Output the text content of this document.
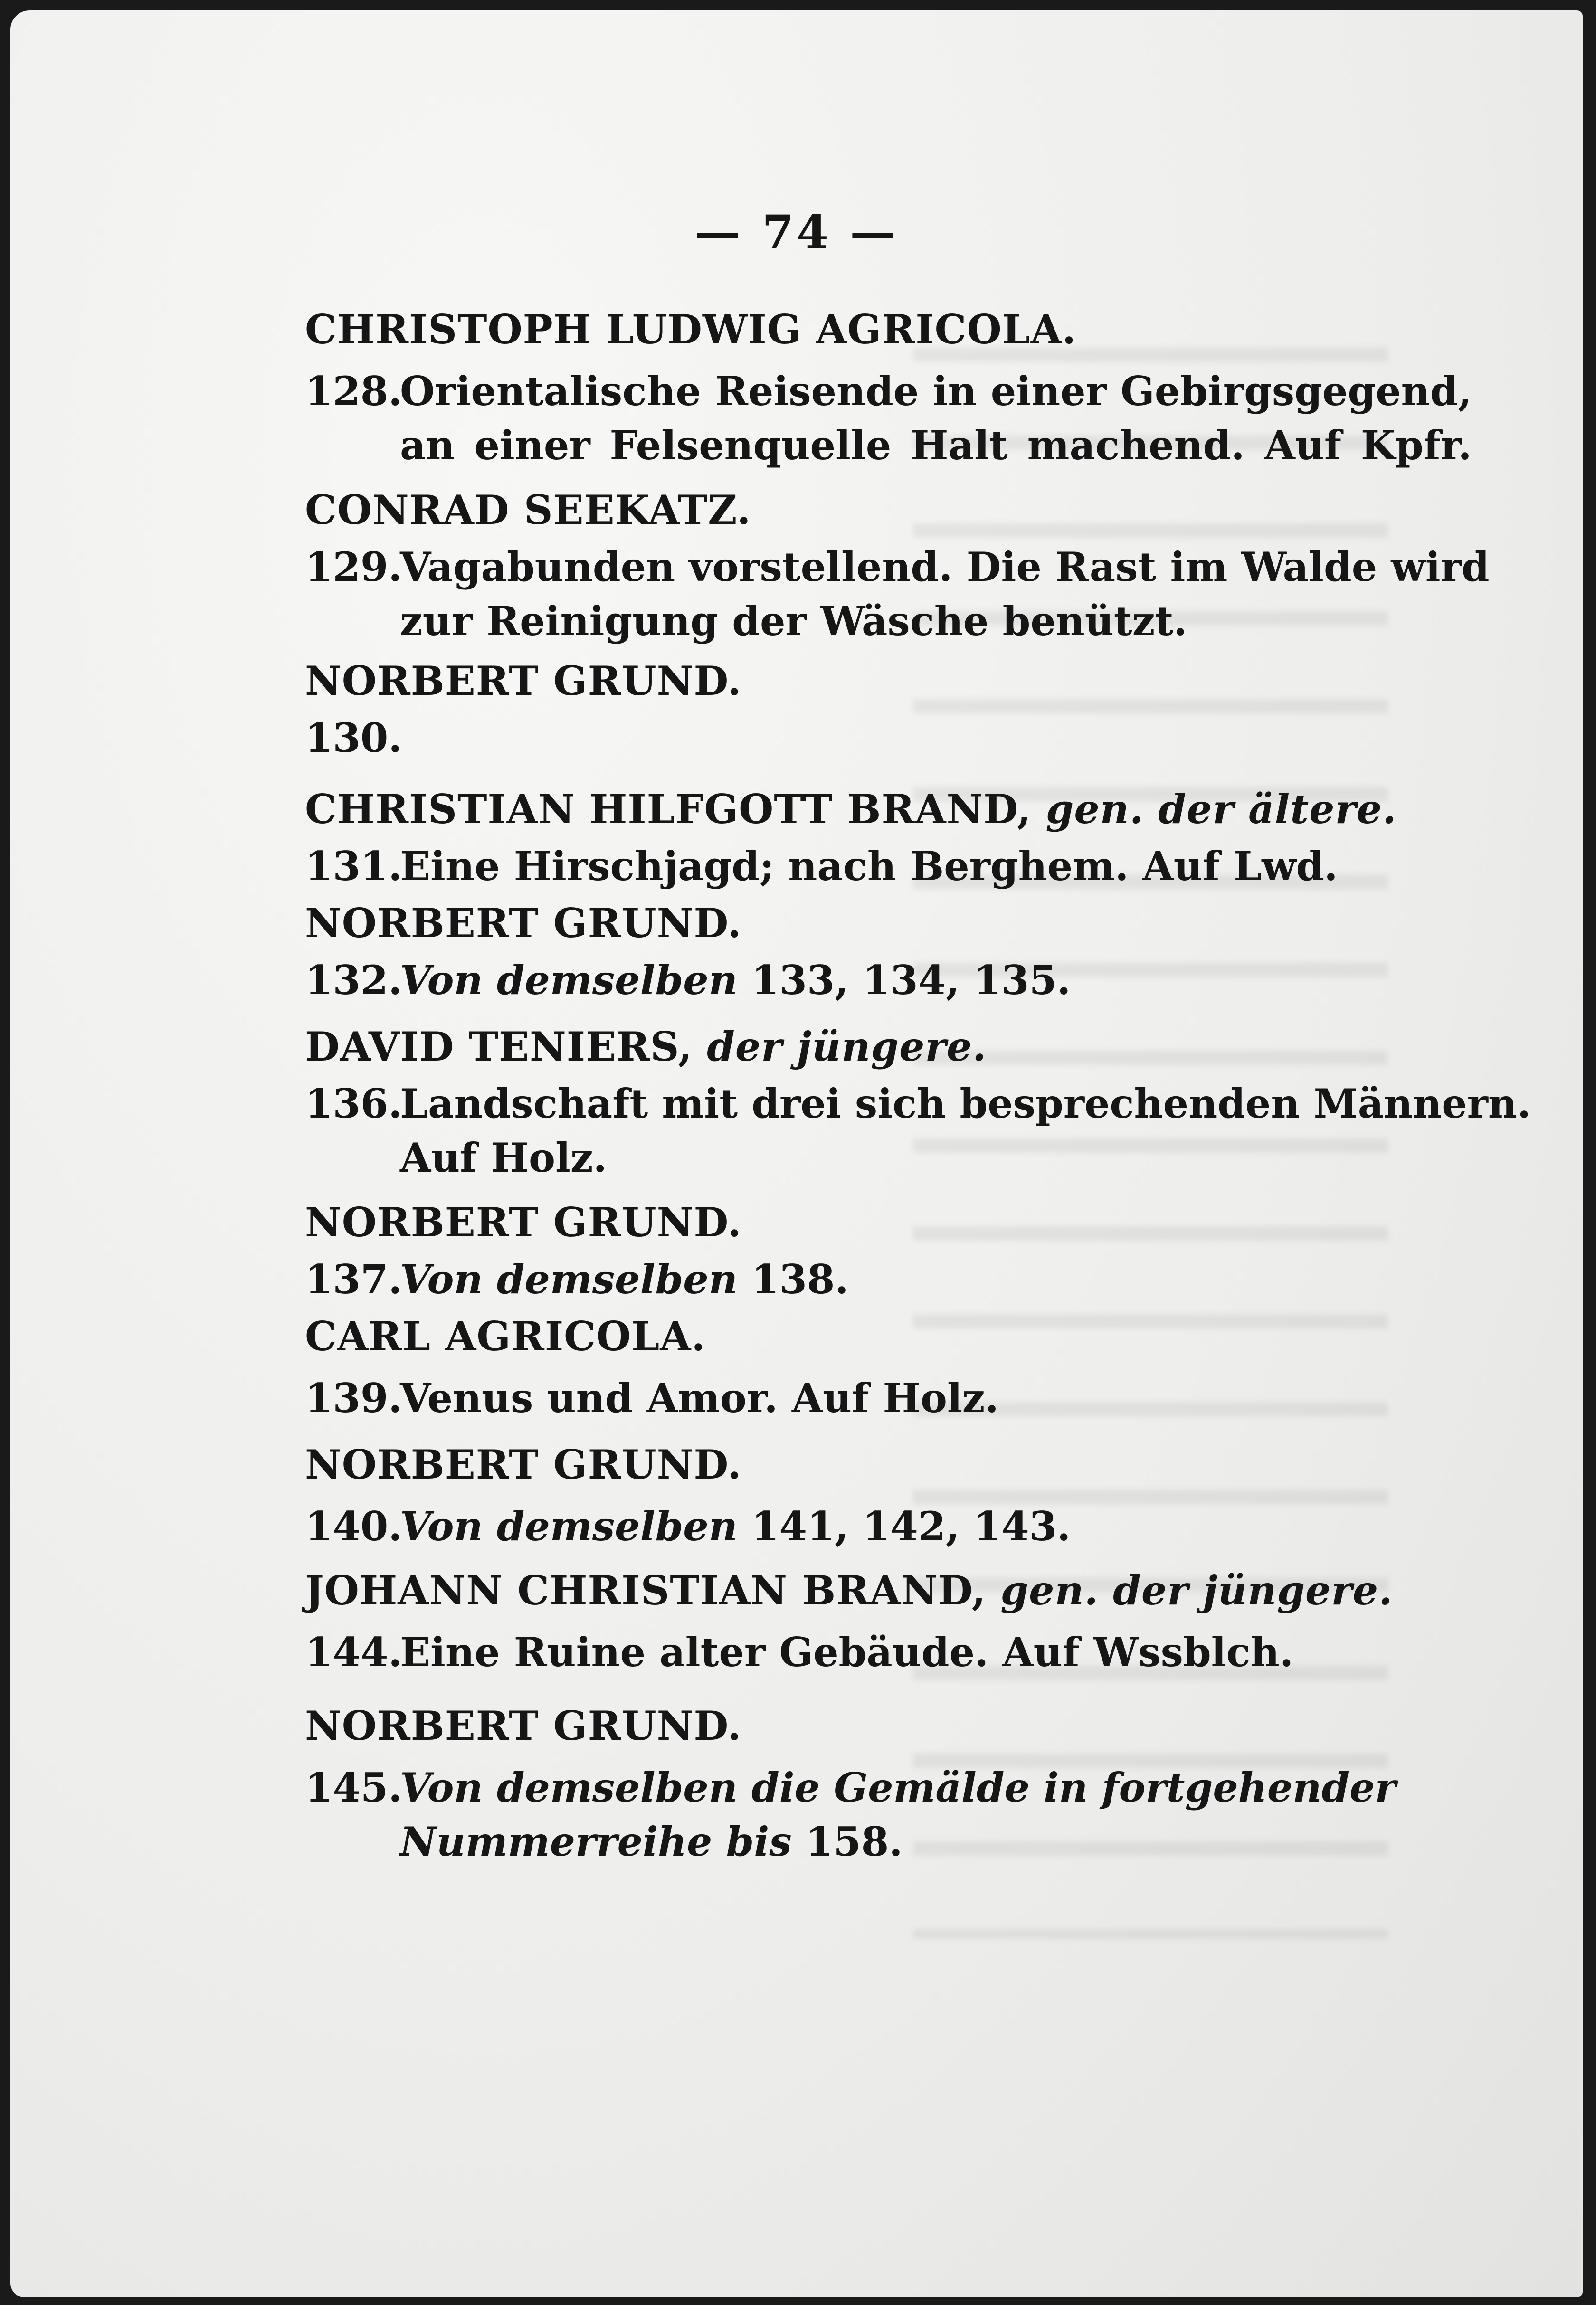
— 74 —
CHRISTOPH LUDWIG AGRICOLA.
128.
Orientalische Reisende in einer Gebirgsgegend,
an einer Felsenquelle Halt machend. Auf Kpfr.
CONRAD SEEKATZ.
129.
Vagabunden vorstellend. Die Rast im Walde wird
zur Reinigung der Wäsche benützt.
NORBERT GRUND.
130.
CHRISTIAN HILFGOTT BRAND, gen. der ältere.
131.
Eine Hirschjagd; nach Berghem. Auf Lwd.
NORBERT GRUND.
132.
Von demselben 133, 134, 135.
DAVID TENIERS, der jüngere.
136.
Landschaft mit drei sich besprechenden Männern.
Auf Holz.
NORBERT GRUND.
137.
Von demselben 138.
CARL AGRICOLA.
139.
Venus und Amor. Auf Holz.
NORBERT GRUND.
140.
Von demselben 141, 142, 143.
JOHANN CHRISTIAN BRAND, gen. der jüngere.
144.
Eine Ruine alter Gebäude. Auf Wssblch.
NORBERT GRUND.
145.
Von demselben die Gemälde in fortgehender
Nummerreihe bis 158.
